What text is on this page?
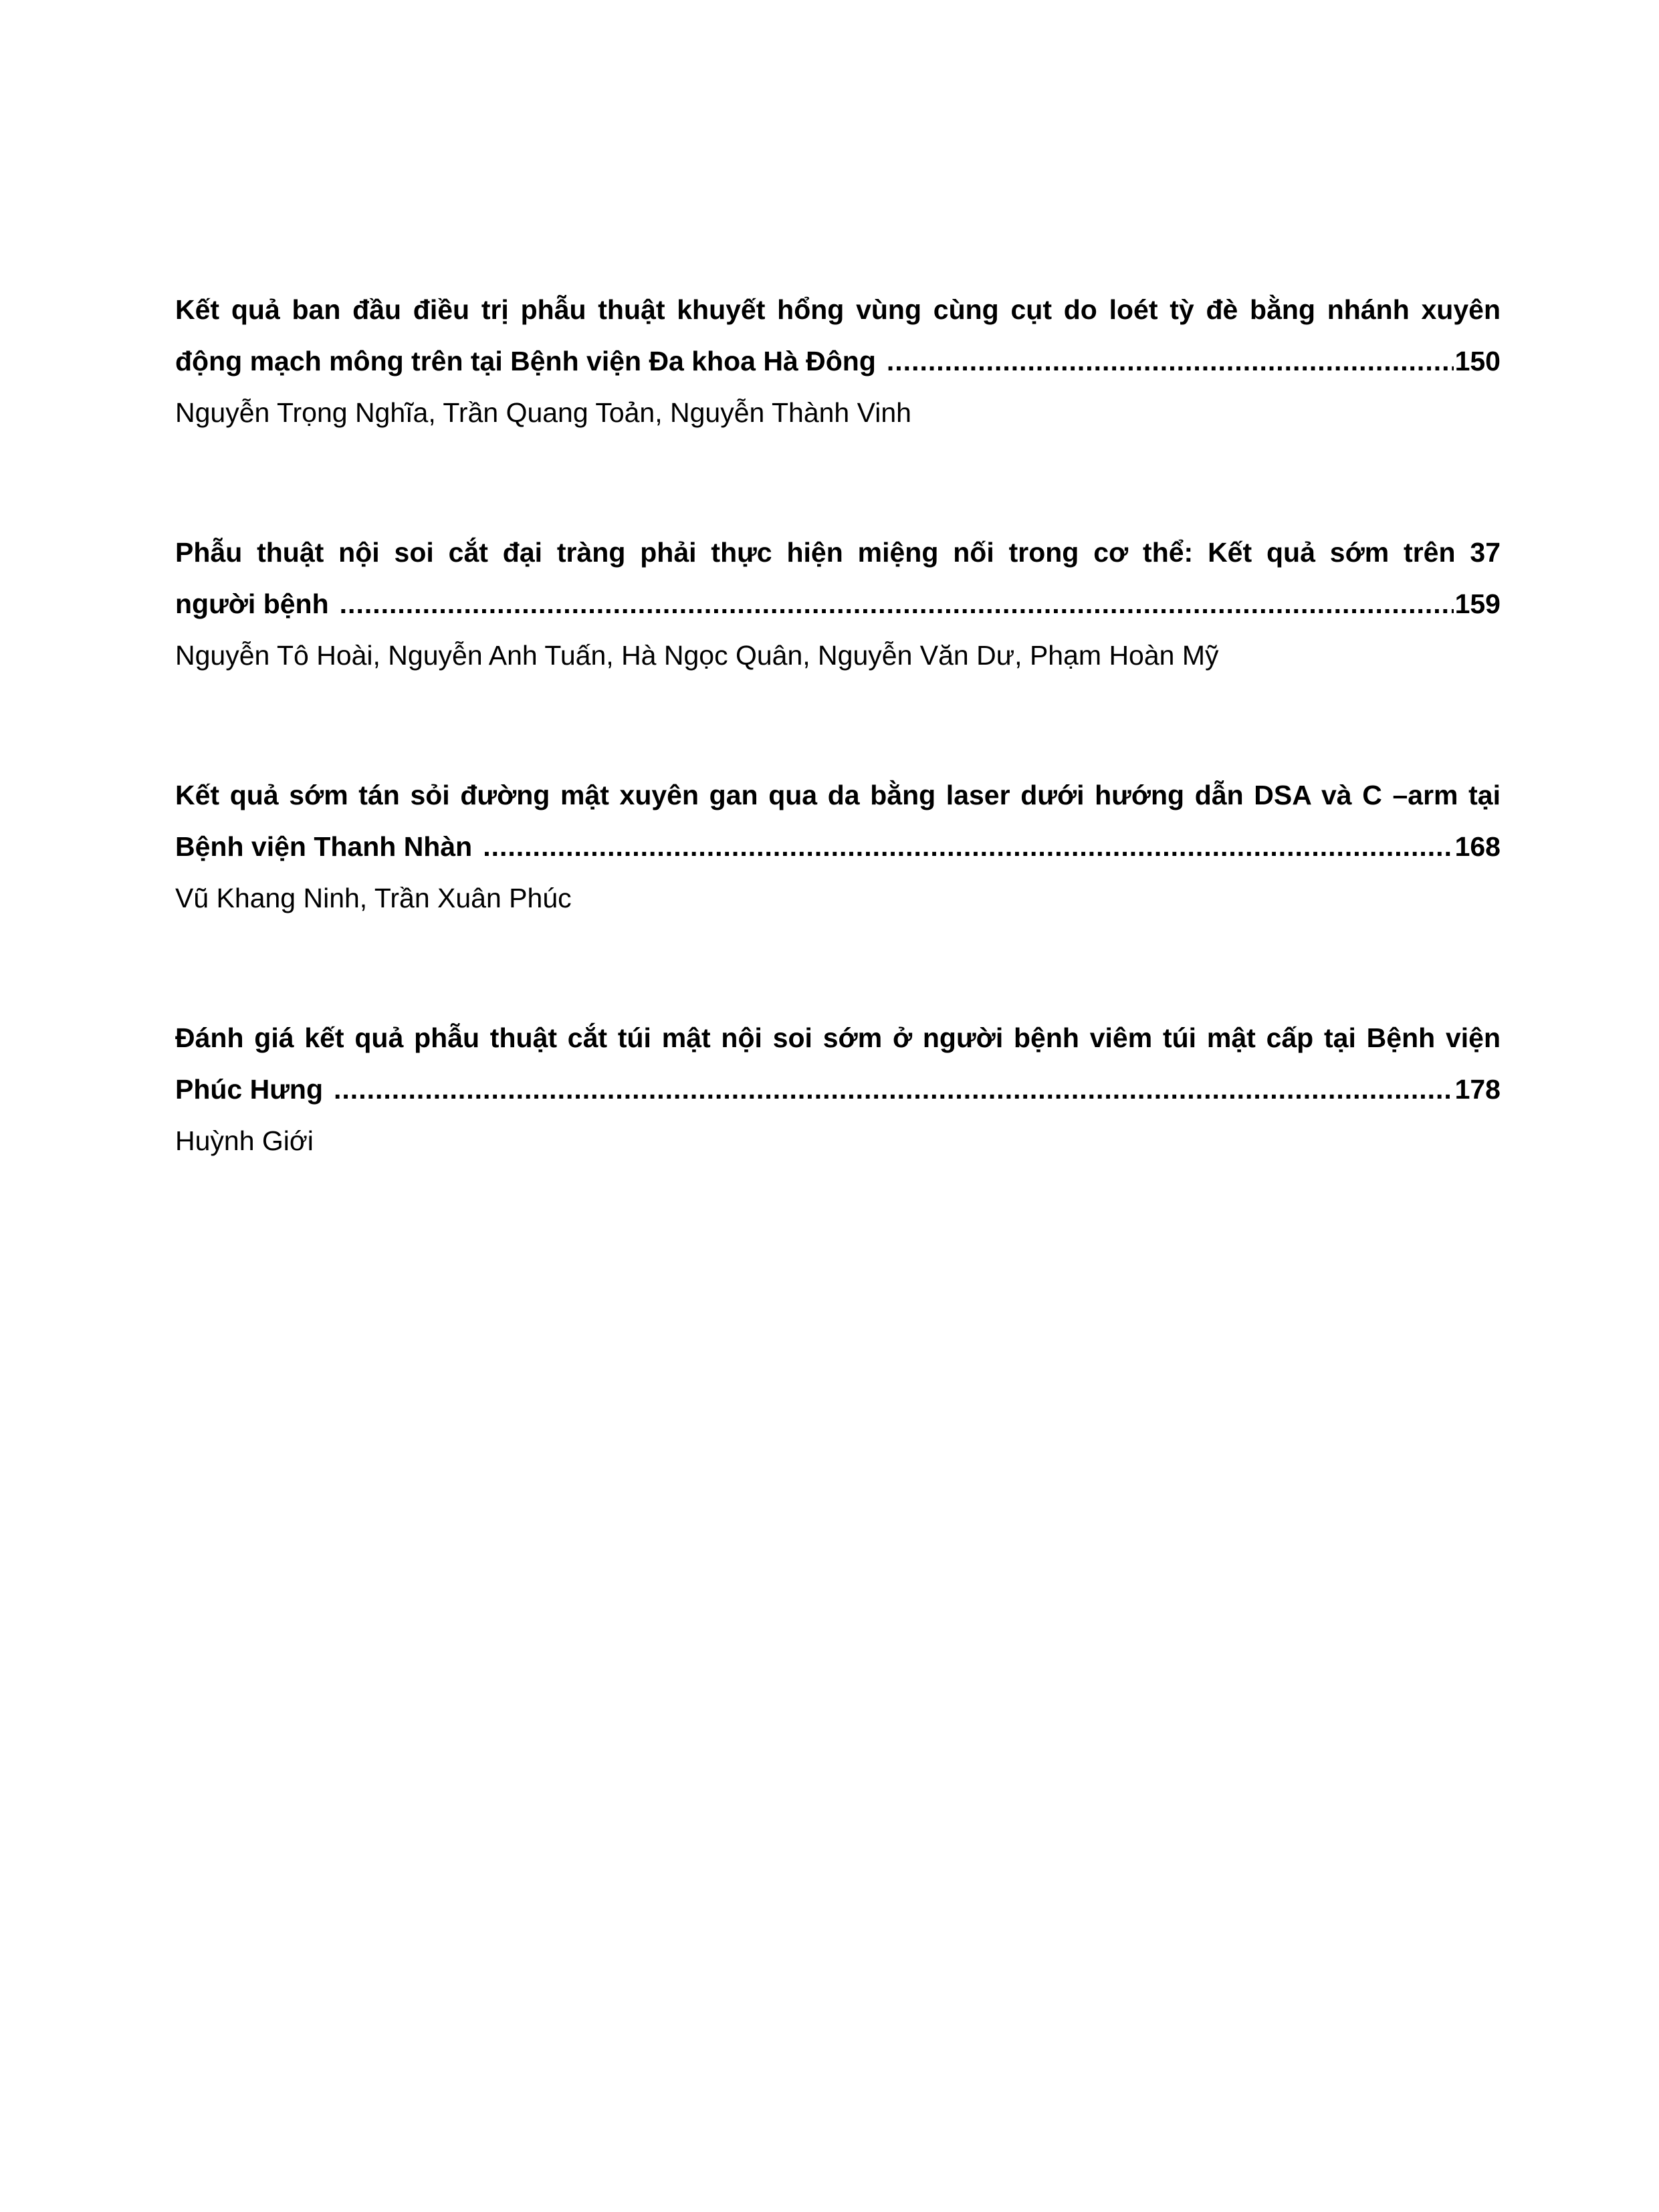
Kết quả ban đầu điều trị phẫu thuật khuyết hổng vùng cùng cụt do loét tỳ đè bằng nhánh xuyên

động mạch mông trên tại Bệnh viện Đa khoa Hà Đông .....	150

Nguyễn Trọng Nghĩa, Trần Quang Toản, Nguyễn Thành Vinh

Phẫu thuật nội soi cắt đại tràng phải thực hiện miệng nối trong cơ thể: Kết quả sớm trên 37

người bệnh .....	159

Nguyễn Tô Hoài, Nguyễn Anh Tuấn, Hà Ngọc Quân, Nguyễn Văn Dư, Phạm Hoàn Mỹ

Kết quả sớm tán sỏi đường mật xuyên gan qua da bằng laser dưới hướng dẫn DSA và C –arm tại

Bệnh viện Thanh Nhàn .....	168

Vũ Khang Ninh, Trần Xuân Phúc

Đánh giá kết quả phẫu thuật cắt túi mật nội soi sớm ở người bệnh viêm túi mật cấp tại Bệnh viện

Phúc Hưng .....	178

Huỳnh Giới
